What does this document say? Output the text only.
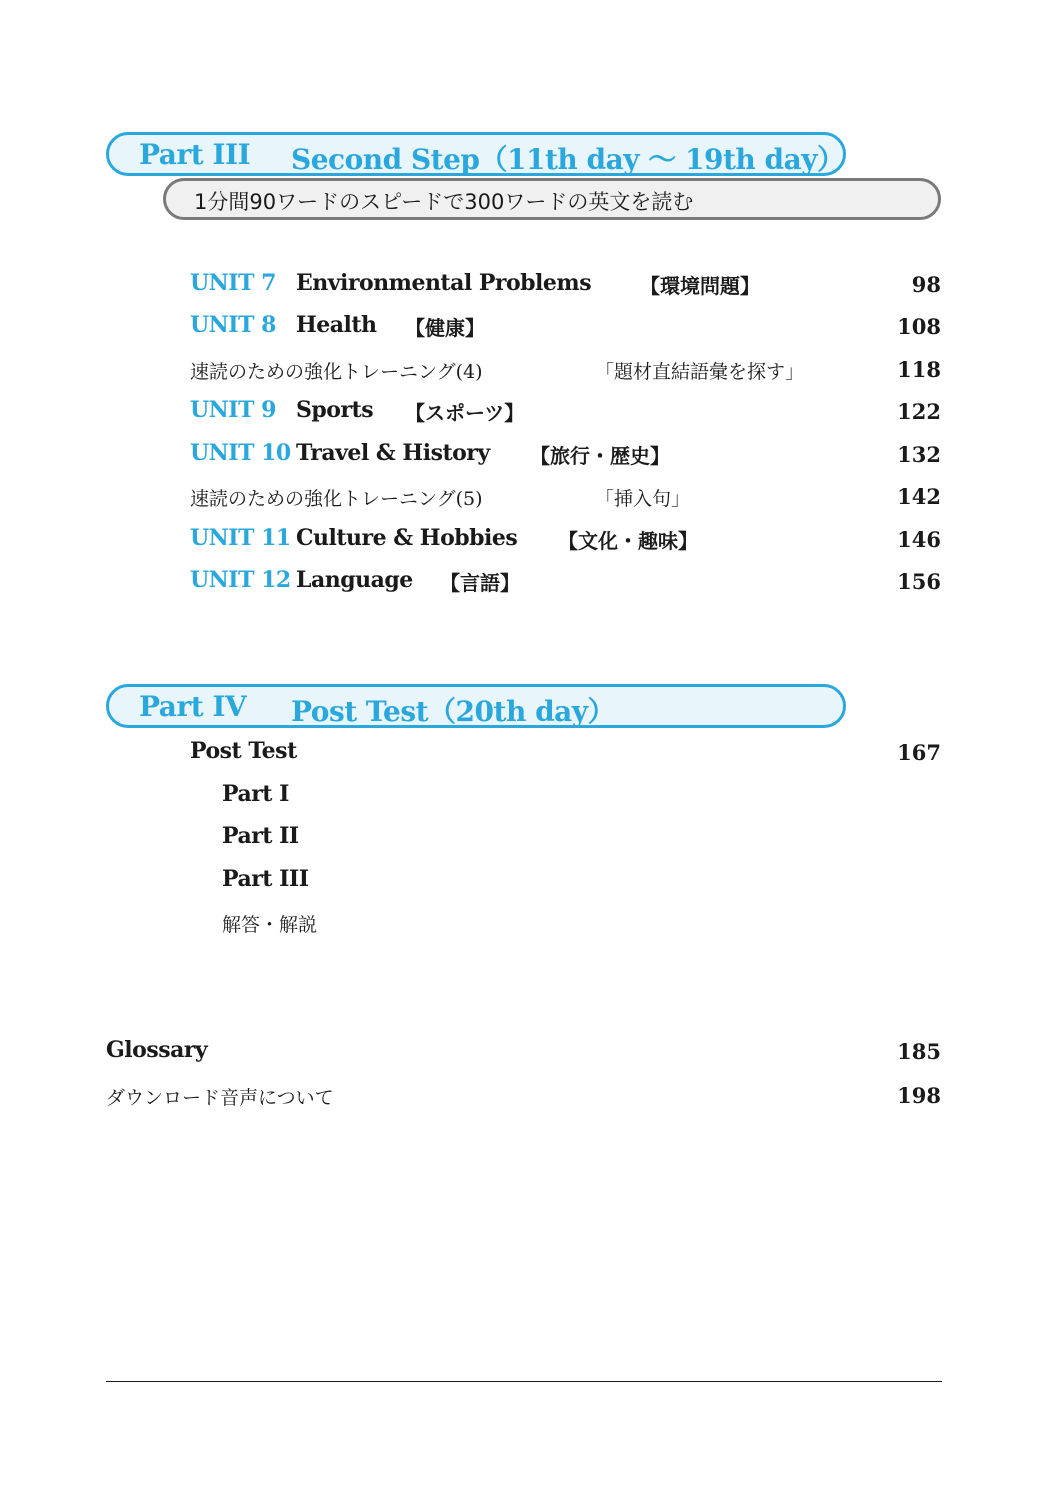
Part III Second Step（11th day ～ 19th day）
1分間90ワードのスピードで300ワードの英文を読む
UNIT 7 Environmental Problems 【環境問題】	98
UNIT 8 Health 【健康】	108
速読のための強化トレーニング(4)	「題材直結語彙を探す」	118
UNIT 9 Sports 【スポーツ】	122
UNIT 10 Travel & History 【旅行・歴史】	132
速読のための強化トレーニング(5)	「挿入句」	142
UNIT 11 Culture & Hobbies 【文化・趣味】	146
UNIT 12 Language 【言語】	156
Part IV Post Test（20th day）
Post Test	167
Part I
Part II
Part III
解答・解説
Glossary	185
ダウンロード音声について	198
